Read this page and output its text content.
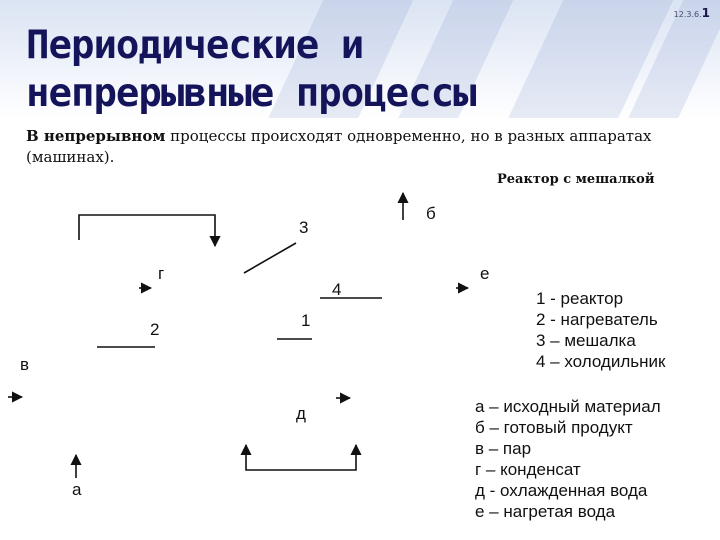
12.3.6.1
Периодические и
непрерывные процессы

В непрерывном процессы происходят одновременно, но в разных аппаратах (машинах).

Реактор с мешалкой
б
3
г	е
4
1
2
в
д
а
1 - реактор
2 - нагреватель
3 – мешалка
4 – холодильник
а – исходный материал
б – готовый продукт
в – пар
г – конденсат
д - охлажденная вода
е – нагретая вода
